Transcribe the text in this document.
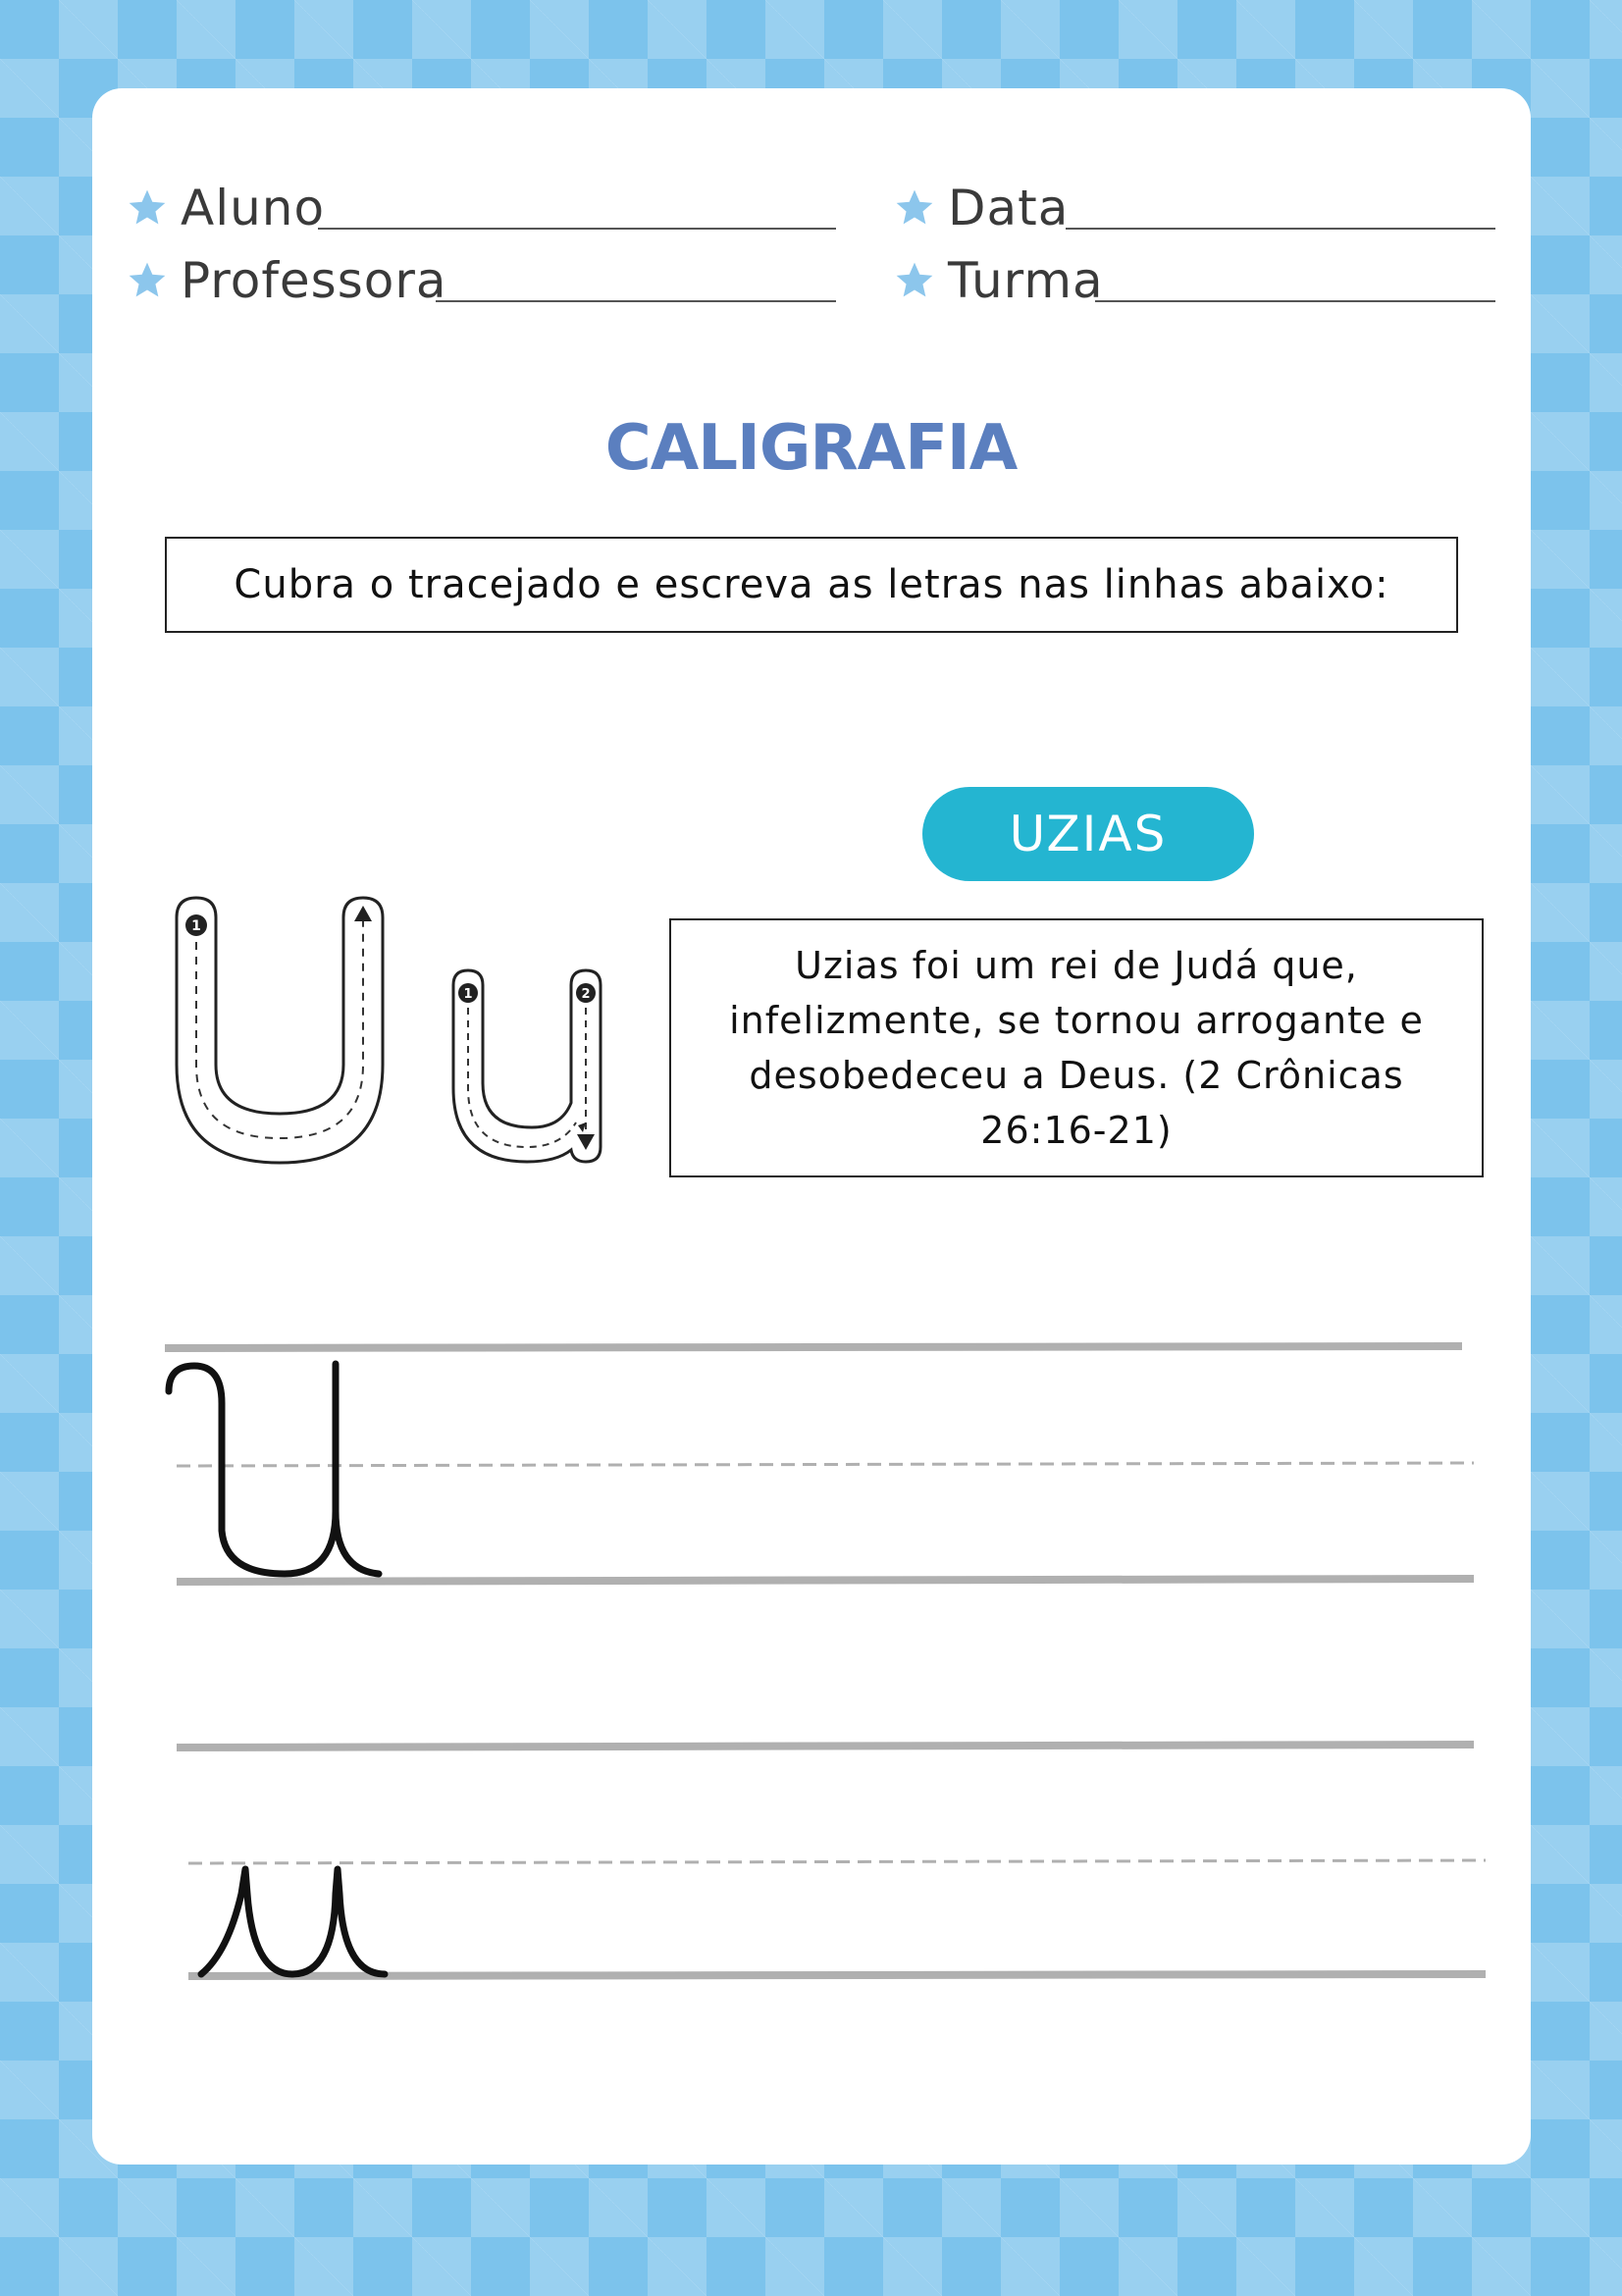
Aluno
Professora
Data
Turma
CALIGRAFIA
Cubra o tracejado e escreva as letras nas linhas abaixo:
1
1	2
UZIAS
Uzias foi um rei de Judá que, infelizmente, se tornou arrogante e desobedeceu a Deus. (2 Crônicas 26:16-21)
